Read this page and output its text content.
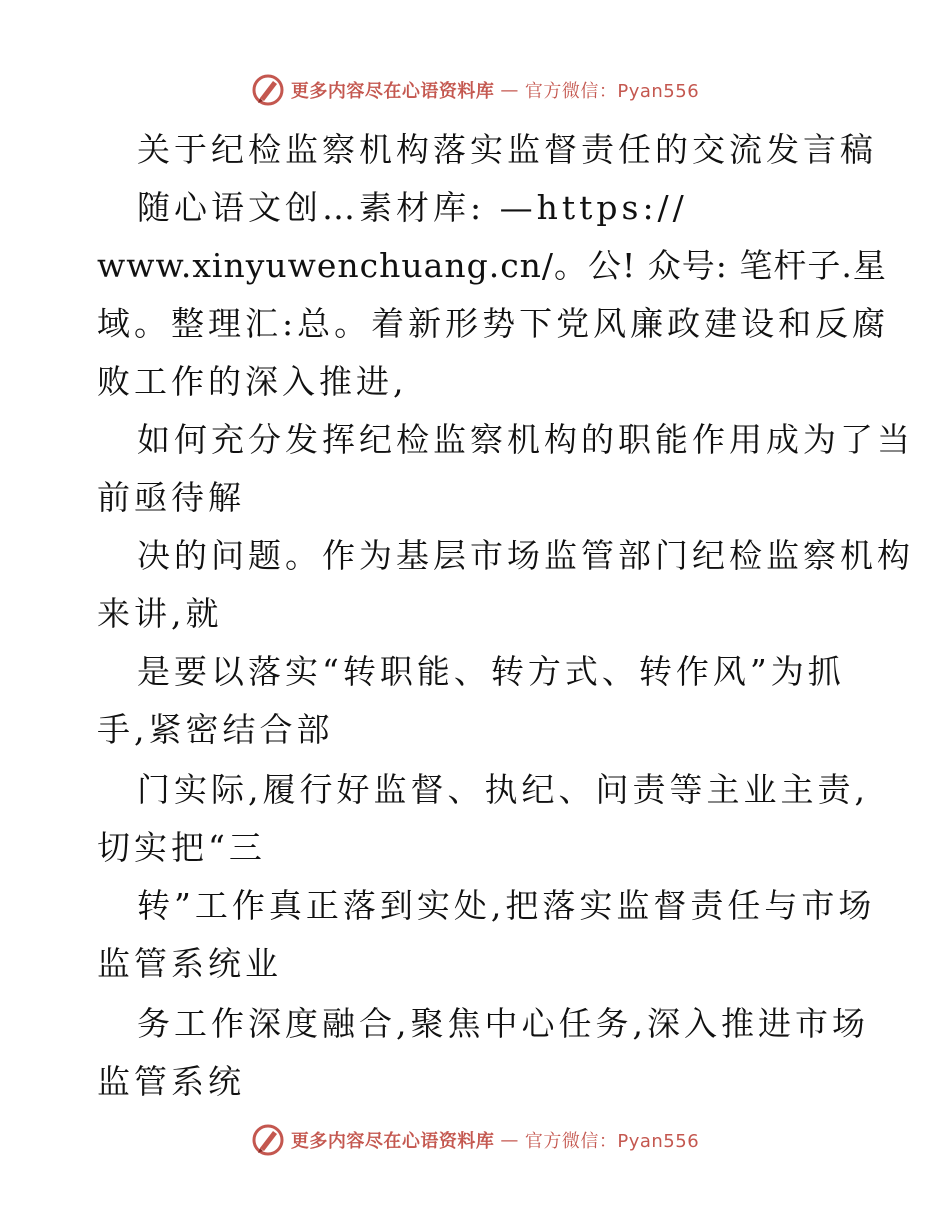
更多内容尽在心语资料库 — 官方微信：Pyan556
关于纪检监察机构落实监督责任的交流发言稿
随心语文创…素材库: —https://
www.xinyuwenchuang.cn/。公! 众号: 笔杆子.星
域。整理汇:总。着新形势下党风廉政建设和反腐
败工作的深入推进,
如何充分发挥纪检监察机构的职能作用成为了当
前亟待解
决的问题。作为基层市场监管部门纪检监察机构
来讲,就
是要以落实“转职能、转方式、转作风”为抓
手,紧密结合部
门实际,履行好监督、执纪、问责等主业主责,
切实把“三
转”工作真正落到实处,把落实监督责任与市场
监管系统业
务工作深度融合,聚焦中心任务,深入推进市场
监管系统
更多内容尽在心语资料库 — 官方微信：Pyan556
